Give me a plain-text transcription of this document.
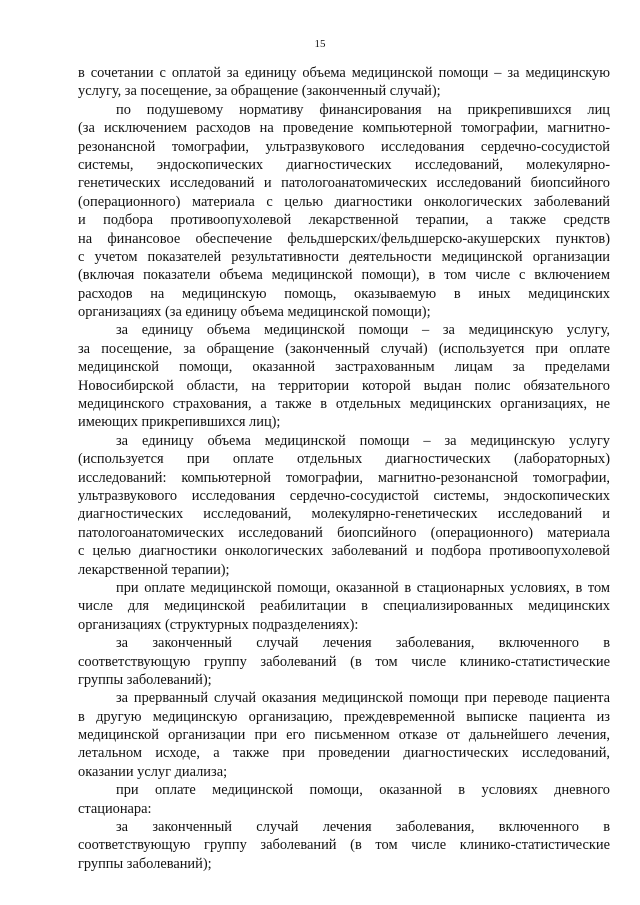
15
в сочетании с оплатой за единицу объема медицинской помощи – за медицинскую
услугу, за посещение, за обращение (законченный случай);
по подушевому нормативу финансирования на прикрепившихся лиц
(за исключением расходов на проведение компьютерной томографии, магнитно-
резонансной томографии, ультразвукового исследования сердечно-сосудистой
системы, эндоскопических диагностических исследований, молекулярно-
генетических исследований и патологоанатомических исследований биопсийного
(операционного) материала с целью диагностики онкологических заболеваний
и подбора противоопухолевой лекарственной терапии, а также средств
на финансовое обеспечение фельдшерских/фельдшерско-акушерских пунктов)
с учетом показателей результативности деятельности медицинской организации
(включая показатели объема медицинской помощи), в том числе с включением
расходов на медицинскую помощь, оказываемую в иных медицинских
организациях (за единицу объема медицинской помощи);
за единицу объема медицинской помощи – за медицинскую услугу,
за посещение, за обращение (законченный случай) (используется при оплате
медицинской помощи, оказанной застрахованным лицам за пределами
Новосибирской области, на территории которой выдан полис обязательного
медицинского страхования, а также в отдельных медицинских организациях, не
имеющих прикрепившихся лиц);
за единицу объема медицинской помощи – за медицинскую услугу
(используется при оплате отдельных диагностических (лабораторных)
исследований: компьютерной томографии, магнитно-резонансной томографии,
ультразвукового исследования сердечно-сосудистой системы, эндоскопических
диагностических исследований, молекулярно-генетических исследований и
патологоанатомических исследований биопсийного (операционного) материала
с целью диагностики онкологических заболеваний и подбора противоопухолевой
лекарственной терапии);
при оплате медицинской помощи, оказанной в стационарных условиях, в том
числе для медицинской реабилитации в специализированных медицинских
организациях (структурных подразделениях):
за законченный случай лечения заболевания, включенного в
соответствующую группу заболеваний (в том числе клинико-статистические
группы заболеваний);
за прерванный случай оказания медицинской помощи при переводе пациента
в другую медицинскую организацию, преждевременной выписке пациента из
медицинской организации при его письменном отказе от дальнейшего лечения,
летальном исходе, а также при проведении диагностических исследований,
оказании услуг диализа;
при оплате медицинской помощи, оказанной в условиях дневного
стационара:
за законченный случай лечения заболевания, включенного в
соответствующую группу заболеваний (в том числе клинико-статистические
группы заболеваний);
